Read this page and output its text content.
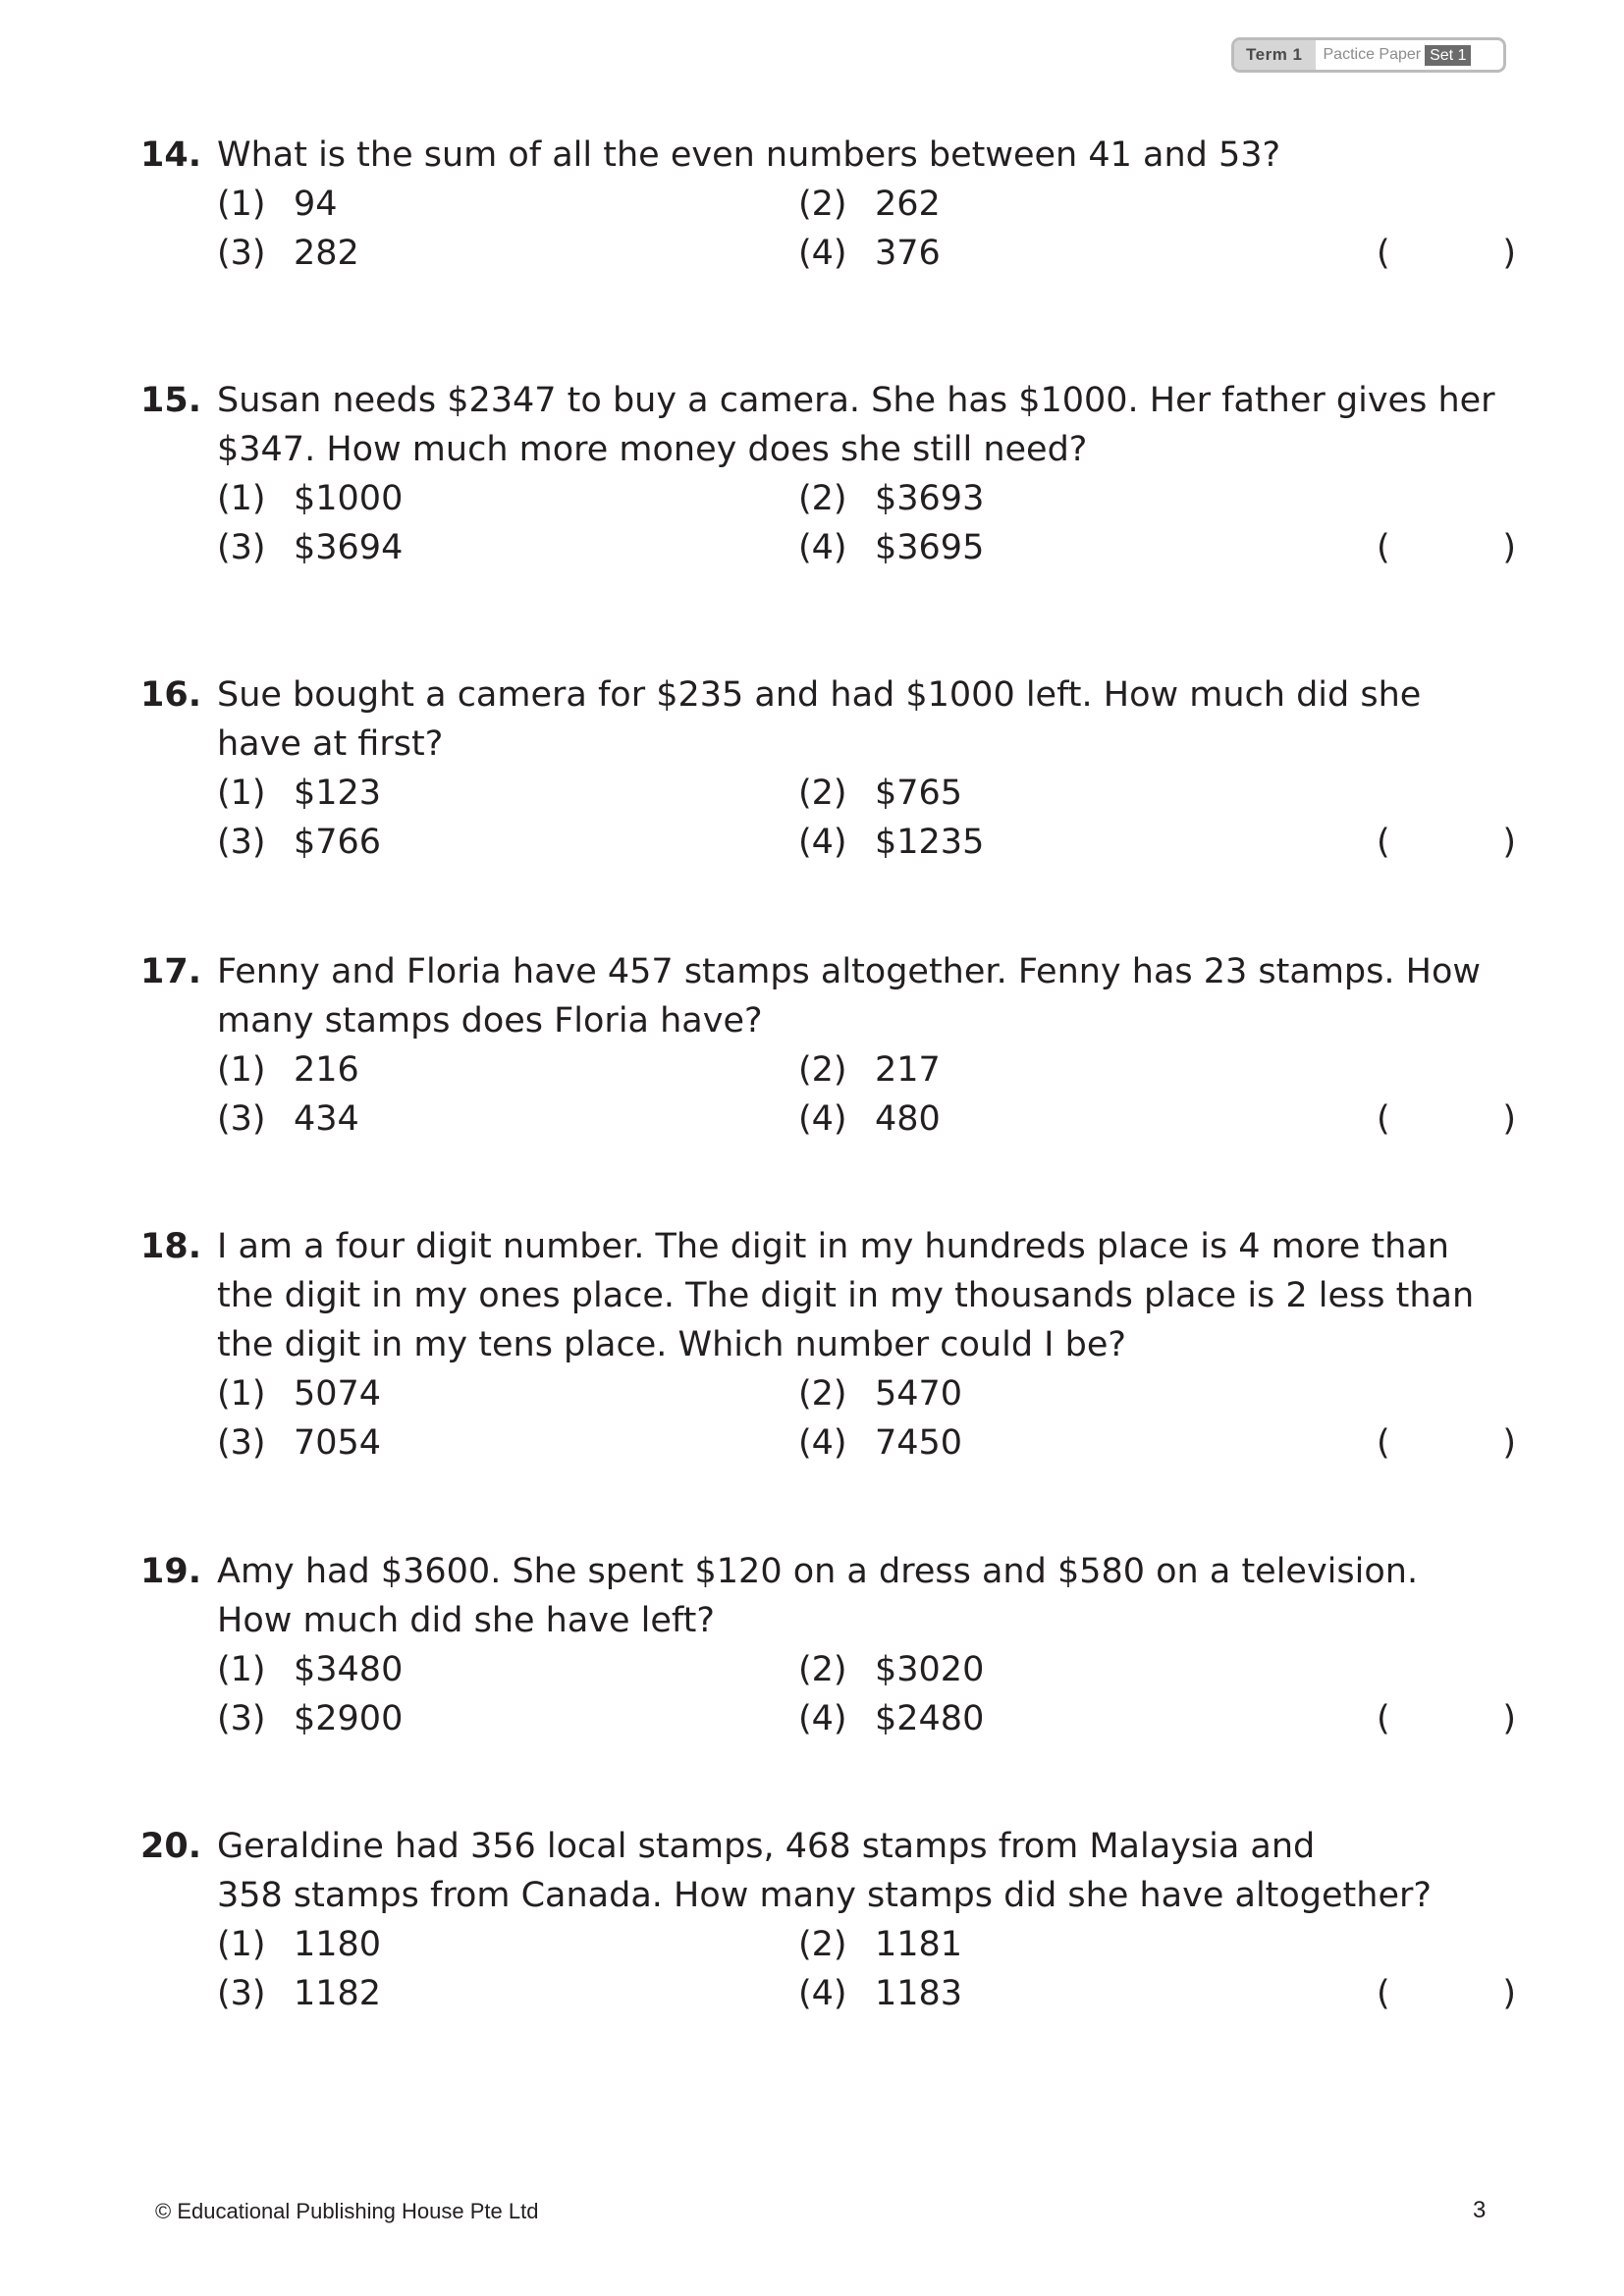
Term 1	Pactice Paper Set 1
14. What is the sum of all the even numbers between 41 and 53?
(1) 94	(2) 262
(3) 282	(4) 376	(	)
15. Susan needs $2347 to buy a camera. She has $1000. Her father gives her
$347. How much more money does she still need?
(1) $1000	(2) $3693
(3) $3694	(4) $3695	(	)
16. Sue bought a camera for $235 and had $1000 left. How much did she
have at first?
(1) $123	(2) $765
(3) $766	(4) $1235	(	)
17. Fenny and Floria have 457 stamps altogether. Fenny has 23 stamps. How
many stamps does Floria have?
(1) 216	(2) 217
(3) 434	(4) 480	(	)
18. I am a four digit number. The digit in my hundreds place is 4 more than
the digit in my ones place. The digit in my thousands place is 2 less than
the digit in my tens place. Which number could I be?
(1) 5074	(2) 5470
(3) 7054	(4) 7450	(	)
19. Amy had $3600. She spent $120 on a dress and $580 on a television.
How much did she have left?
(1) $3480	(2) $3020
(3) $2900	(4) $2480	(	)
20. Geraldine had 356 local stamps, 468 stamps from Malaysia and
358 stamps from Canada. How many stamps did she have altogether?
(1) 1180	(2) 1181
(3) 1182	(4) 1183	(	)
© Educational Publishing House Pte Ltd	3
